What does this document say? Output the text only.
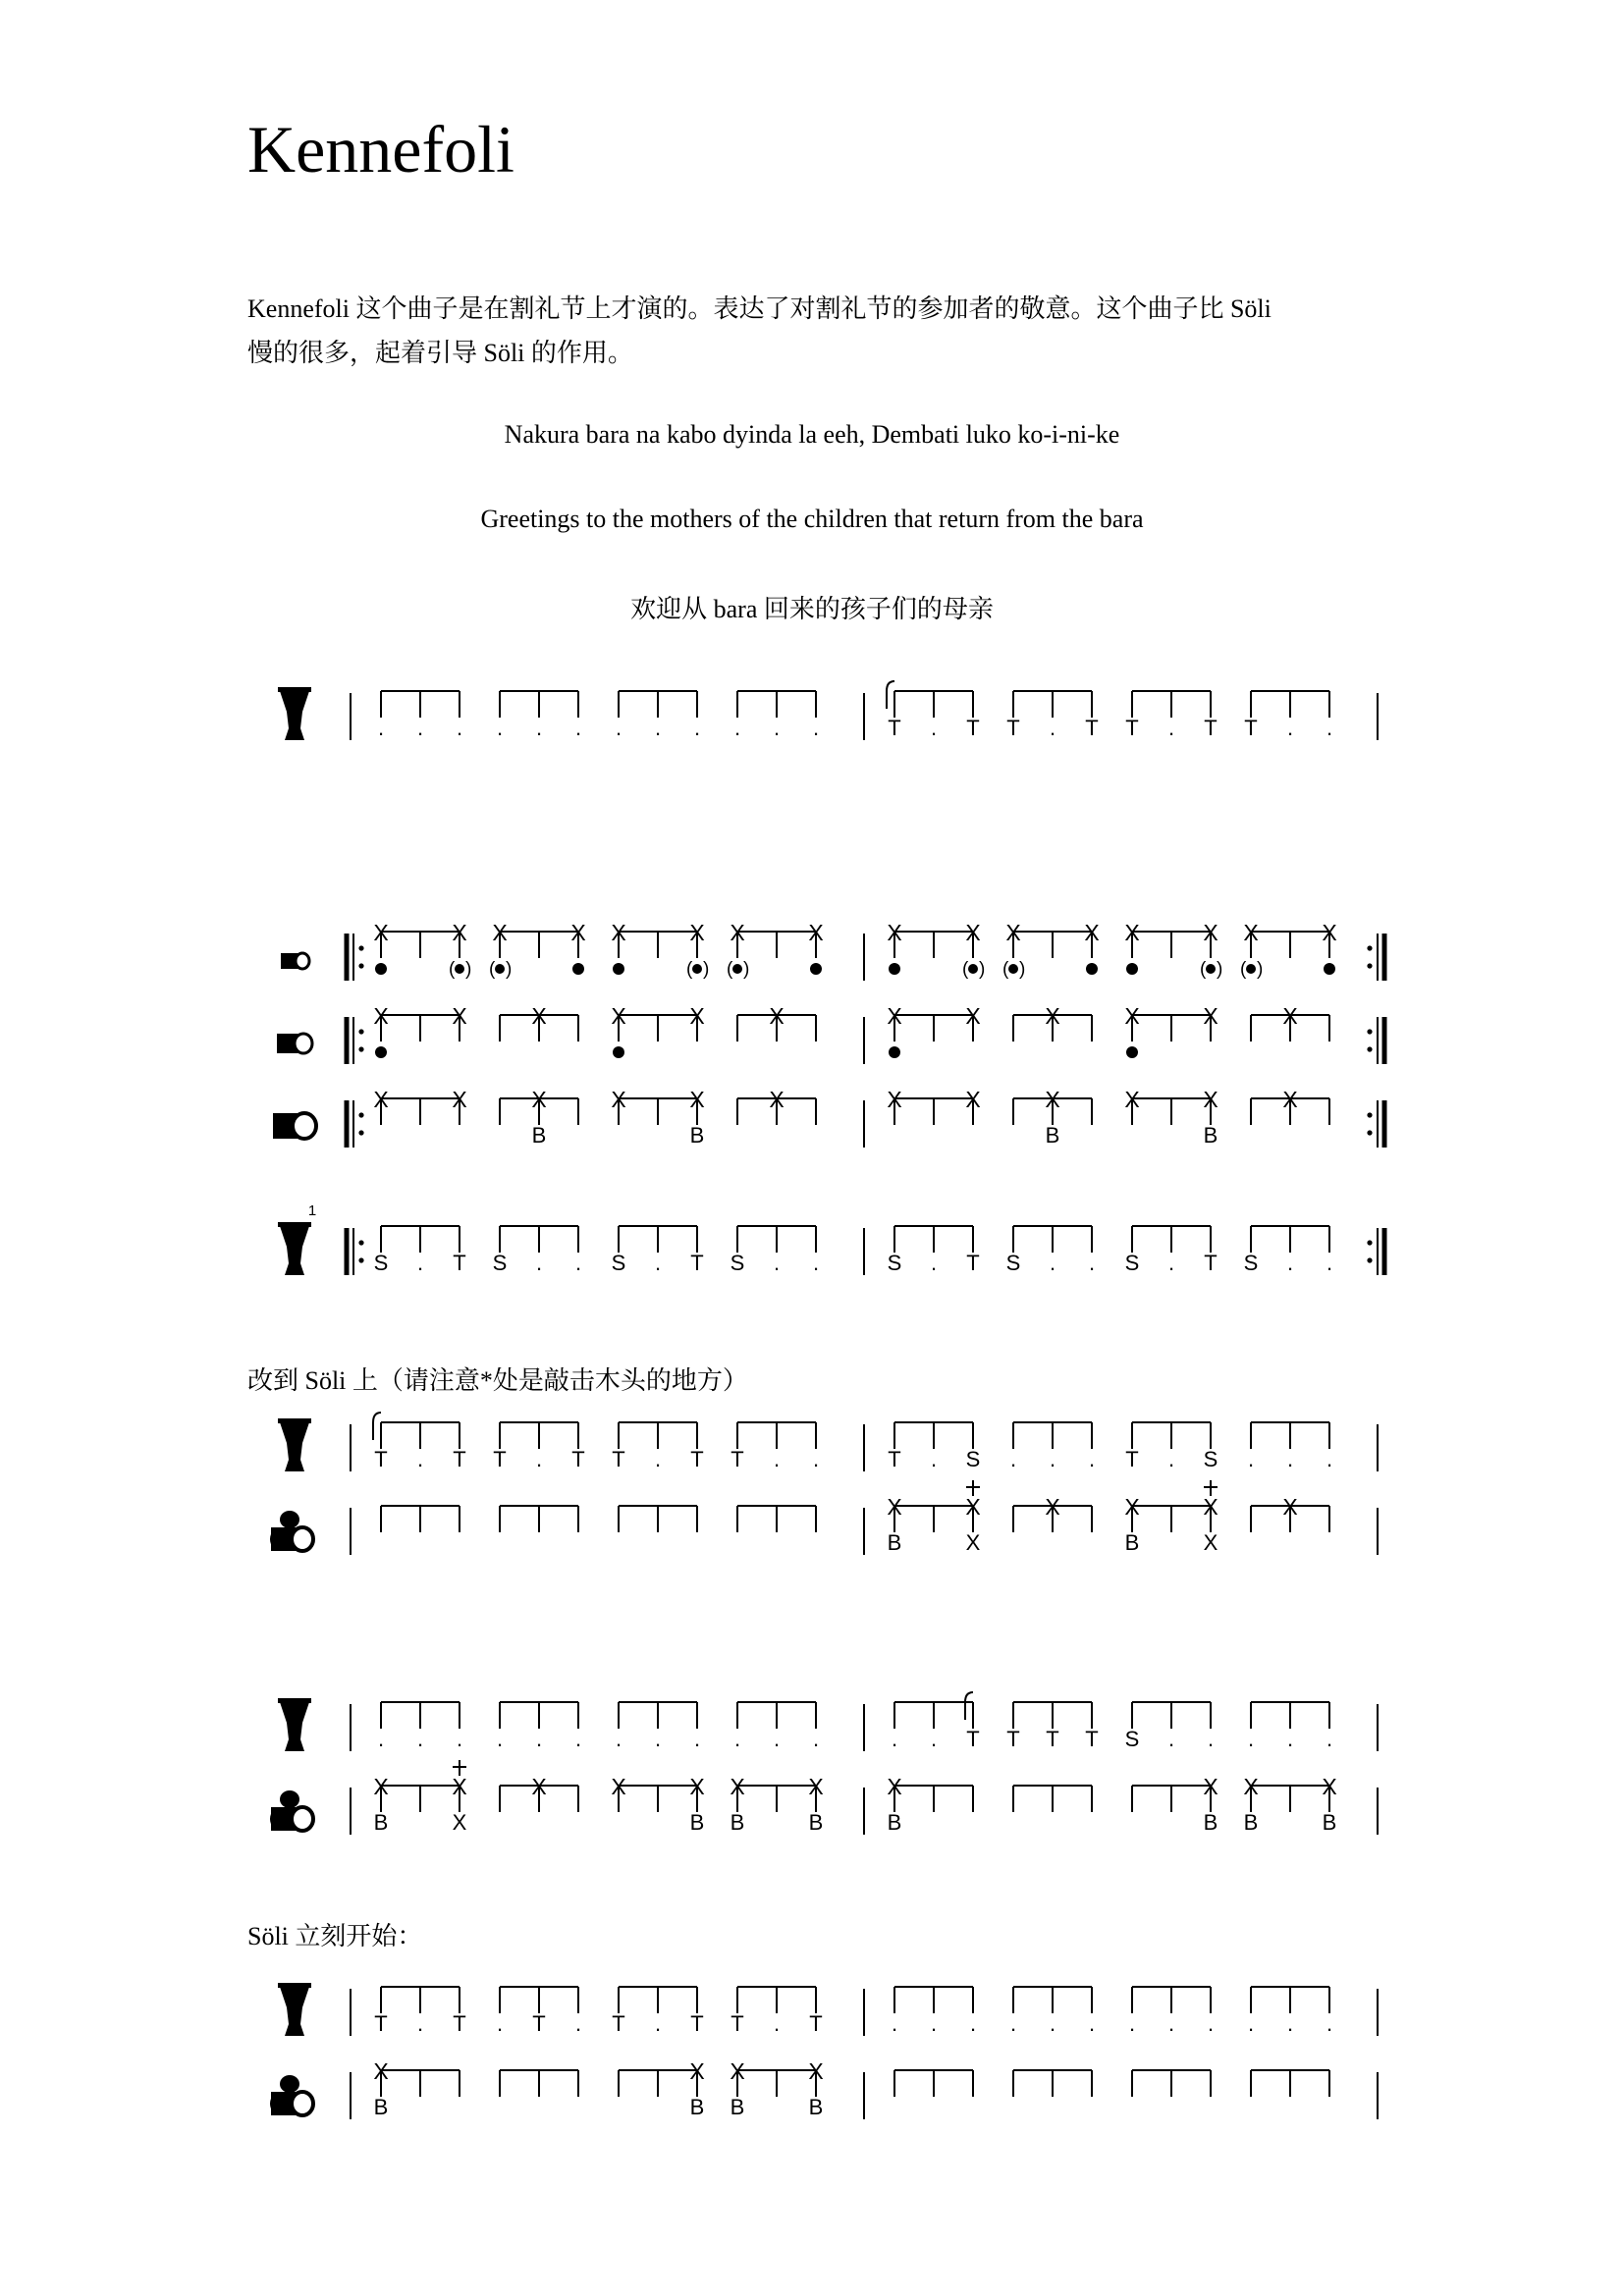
Kennefoli
Kennefoli 这个曲子是在割礼节上才演的。表达了对割礼节的参加者的敬意。这个曲子比 Söli
慢的很多，起着引导 Söli 的作用。
Nakura bara na kabo dyinda la eeh, Dembati luko ko-i-ni-ke
Greetings to the mothers of the children that return from the bara
欢迎从 bara 回来的孩子们的母亲
改到 Söli 上（请注意*处是敲击木头的地方）
Söli 立刻开始：
. . . . . . . . . . . .	T . T T . T T . T T . .
X	X
( )
X
( )
X X	X
( )
X
( )
X	X	X
( )
X
( )
X X	X
( )
X
( )
X
X	X	X	X	X	X	X	X	X	X	X	X
X	X	X
B
X	X
B
X	X	X	X
B
X	X
B
X
1
S . T S . . S . T S . .	S . T S . . S . T S . .
T . T T . T T . T T . .	T . S . . . T . S . . .
X
B
X
X
X	X
B
X
X
X
. . . . . . . . . . . .	. . T T T T S . . . . .
X
B
X
X
X	X	X
B
X
B
X
B
X
B
X
B
X
B
X
B
T . T . T . T . T T . T	. . . . . . . . . . . .
X
B
X
B
X
B
X
B
